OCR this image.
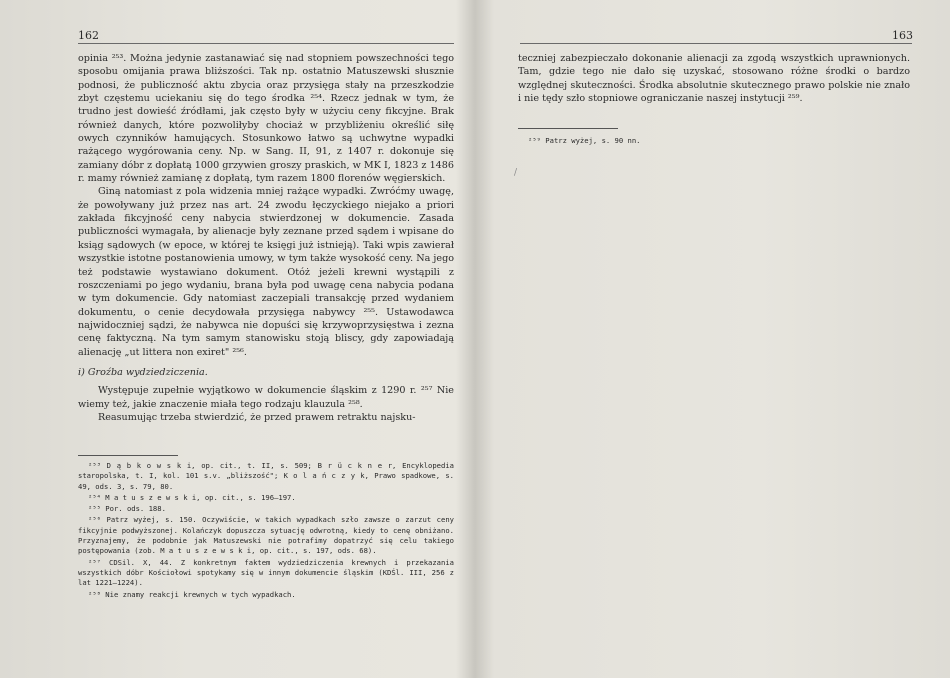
162

opinia ²⁵³. Można jedynie zastanawiać się nad stopniem powszechności tego sposobu omijania prawa bliższości. Tak np. ostatnio Matuszewski słusznie podnosi, że publiczność aktu zbycia oraz przysięga stały na przeszkodzie zbyt częstemu uciekaniu się do tego środka ²⁵⁴. Rzecz jednak w tym, że trudno jest dowieść źródłami, jak często były w użyciu ceny fikcyjne. Brak również danych, które pozwoliłyby chociaż w przybliżeniu określić siłę owych czynników hamujących. Stosunkowo łatwo są uchwytne wypadki rażącego wygórowania ceny. Np. w Sang. II, 91, z 1407 r. dokonuje się zamiany dóbr z dopłatą 1000 grzywien groszy praskich, w MK I, 1823 z 1486 r. mamy również zamianę z dopłatą, tym razem 1800 florenów węgierskich.

Giną natomiast z pola widzenia mniej rażące wypadki. Zwróćmy uwagę, że powoływany już przez nas art. 24 zwodu łęczyckiego niejako a priori zakłada fikcyjność ceny nabycia stwierdzonej w dokumencie. Zasada publiczności wymagała, by alienacje były zeznane przed sądem i wpisane do ksiąg sądowych (w epoce, w której te księgi już istnieją). Taki wpis zawierał wszystkie istotne postanowienia umowy, w tym także wysokość ceny. Na jego też podstawie wystawiano dokument. Otóż jeżeli krewni wystąpili z roszczeniami po jego wydaniu, brana była pod uwagę cena nabycia podana w tym dokumencie. Gdy natomiast zaczepiali transakcję przed wydaniem dokumentu, o cenie decydowała przysięga nabywcy ²⁵⁵. Ustawodawca najwidoczniej sądzi, że nabywca nie dopuści się krzywoprzysięstwa i zezna cenę faktyczną. Na tym samym stanowisku stoją bliscy, gdy zapowiadają alienację „ut littera non exiret" ²⁵⁶.

i) Groźba wydziedziczenia.

Występuje zupełnie wyjątkowo w dokumencie śląskim z 1290 r. ²⁵⁷ Nie wiemy też, jakie znaczenie miała tego rodzaju klauzula ²⁵⁸.

Reasumując trzeba stwierdzić, że przed prawem retraktu najsku-

²⁵³ D ą b k o w s k i, op. cit., t. II, s. 509; B r ü c k n e r, Encyklopedia staropolska, t. I, kol. 101 s.v. „bliższość"; K o l a ń c z y k, Prawo spadkowe, s. 49, ods. 3, s. 79, 80.

²⁵⁴ M a t u s z e w s k i, op. cit., s. 196—197.

²⁵⁵ Por. ods. 188.

²⁵⁶ Patrz wyżej, s. 150. Oczywiście, w takich wypadkach szło zawsze o zarzut ceny fikcyjnie podwyższonej. Kolańczyk dopuszcza sytuację odwrotną, kiedy to cenę obniżano. Przyznajemy, że podobnie jak Matuszewski nie potrafimy dopatrzyć się celu takiego postępowania (zob. M a t u s z e w s k i, op. cit., s. 197, ods. 68).

²⁵⁷ CDSil. X, 44. Z konkretnym faktem wydziedziczenia krewnych i przekazania wszystkich dóbr Kościołowi spotykamy się w innym dokumencie śląskim (KDŚl. III, 256 z lat 1221—1224).

²⁵⁸ Nie znamy reakcji krewnych w tych wypadkach.

163

teczniej zabezpieczało dokonanie alienacji za zgodą wszystkich uprawnionych. Tam, gdzie tego nie dało się uzyskać, stosowano różne środki o bardzo względnej skuteczności. Środka absolutnie skutecznego prawo polskie nie znało i nie tędy szło stopniowe ograniczanie naszej instytucji ²⁵⁹.

²⁵⁹ Patrz wyżej, s. 90 nn.

/
